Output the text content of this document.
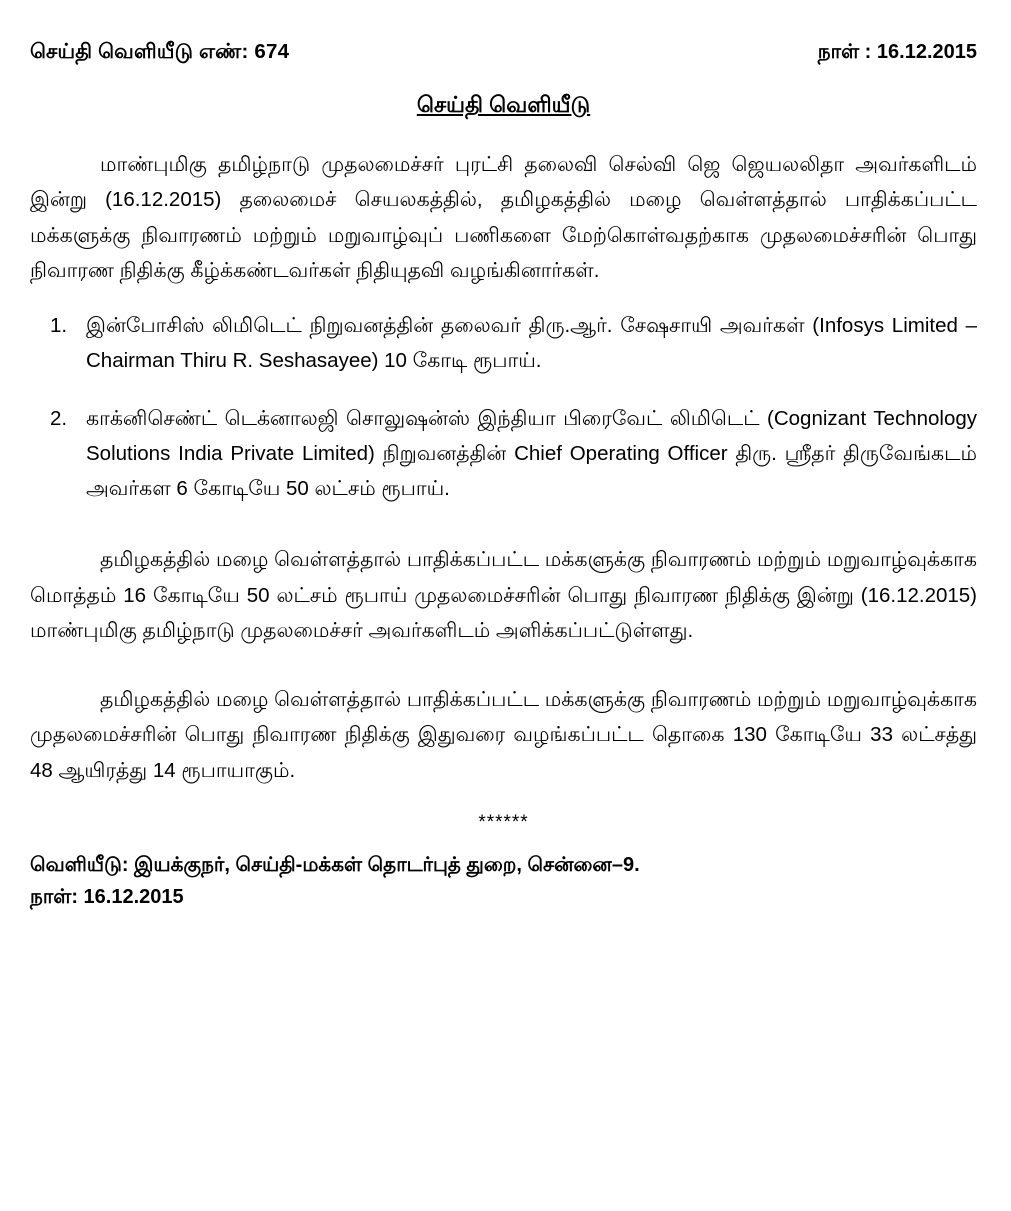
செய்தி வெளியீடு எண்: 674	நாள் : 16.12.2015
செய்தி வெளியீடு

மாண்புமிகு தமிழ்நாடு முதலமைச்சர் புரட்சி தலைவி செல்வி ஜெ ஜெயலலிதா அவர்களிடம் இன்று (16.12.2015) தலைமைச் செயலகத்தில், தமிழகத்தில் மழை வெள்ளத்தால் பாதிக்கப்பட்ட மக்களுக்கு நிவாரணம் மற்றும் மறுவாழ்வுப் பணிகளை மேற்கொள்வதற்காக முதலமைச்சரின் பொது நிவாரண நிதிக்கு கீழ்க்கண்டவர்கள் நிதியுதவி வழங்கினார்கள்.

இன்போசிஸ் லிமிடெட் நிறுவனத்தின் தலைவர் திரு.ஆர். சேஷசாயி அவர்கள் (Infosys Limited – Chairman Thiru R. Seshasayee) 10 கோடி ரூபாய்.
காக்னிசெண்ட் டெக்னாலஜி சொலுஷன்ஸ் இந்தியா பிரைவேட் லிமிடெட் (Cognizant Technology Solutions India Private Limited) நிறுவனத்தின் Chief Operating Officer திரு. ஸ்ரீதர் திருவேங்கடம் அவர்கள 6 கோடியே 50 லட்சம் ரூபாய்.

தமிழகத்தில் மழை வெள்ளத்தால் பாதிக்கப்பட்ட மக்களுக்கு நிவாரணம் மற்றும் மறுவாழ்வுக்காக மொத்தம் 16 கோடியே 50 லட்சம் ரூபாய் முதலமைச்சரின் பொது நிவாரண நிதிக்கு இன்று (16.12.2015) மாண்புமிகு தமிழ்நாடு முதலமைச்சர் அவர்களிடம் அளிக்கப்பட்டுள்ளது.

தமிழகத்தில் மழை வெள்ளத்தால் பாதிக்கப்பட்ட மக்களுக்கு நிவாரணம் மற்றும் மறுவாழ்வுக்காக முதலமைச்சரின் பொது நிவாரண நிதிக்கு இதுவரை வழங்கப்பட்ட தொகை 130 கோடியே 33 லட்சத்து 48 ஆயிரத்து 14 ரூபாயாகும்.

******
வெளியீடு: இயக்குநர், செய்தி-மக்கள் தொடர்புத் துறை, சென்னை–9.
நாள்: 16.12.2015
